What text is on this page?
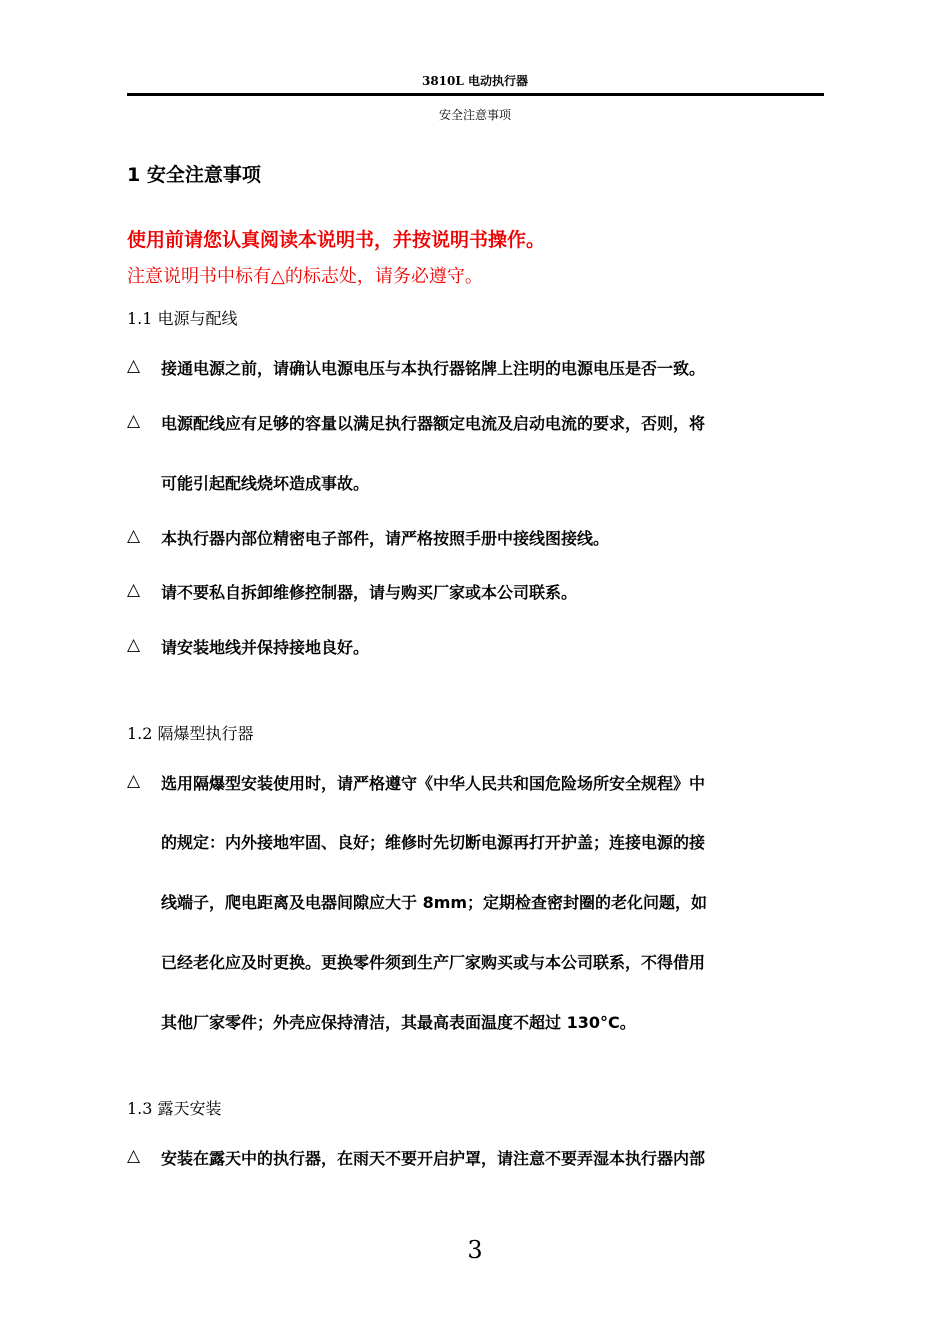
3810L 电动执行器
安全注意事项
1 安全注意事项
使用前请您认真阅读本说明书，并按说明书操作。
注意说明书中标有△的标志处，请务必遵守。
1.1 电源与配线
△ 接通电源之前，请确认电源电压与本执行器铭牌上注明的电源电压是否一致。
△ 电源配线应有足够的容量以满足执行器额定电流及启动电流的要求，否则，将
可能引起配线烧坏造成事故。
△ 本执行器内部位精密电子部件，请严格按照手册中接线图接线。
△ 请不要私自拆卸维修控制器，请与购买厂家或本公司联系。
△ 请安装地线并保持接地良好。
1.2 隔爆型执行器
△ 选用隔爆型安装使用时，请严格遵守《中华人民共和国危险场所安全规程》中
的规定：内外接地牢固、良好；维修时先切断电源再打开护盖；连接电源的接
线端子，爬电距离及电器间隙应大于 8mm；定期检查密封圈的老化问题，如
已经老化应及时更换。更换零件须到生产厂家购买或与本公司联系，不得借用
其他厂家零件；外壳应保持清洁，其最高表面温度不超过 130°C。
1.3 露天安装
△ 安装在露天中的执行器，在雨天不要开启护罩，请注意不要弄湿本执行器内部
3
